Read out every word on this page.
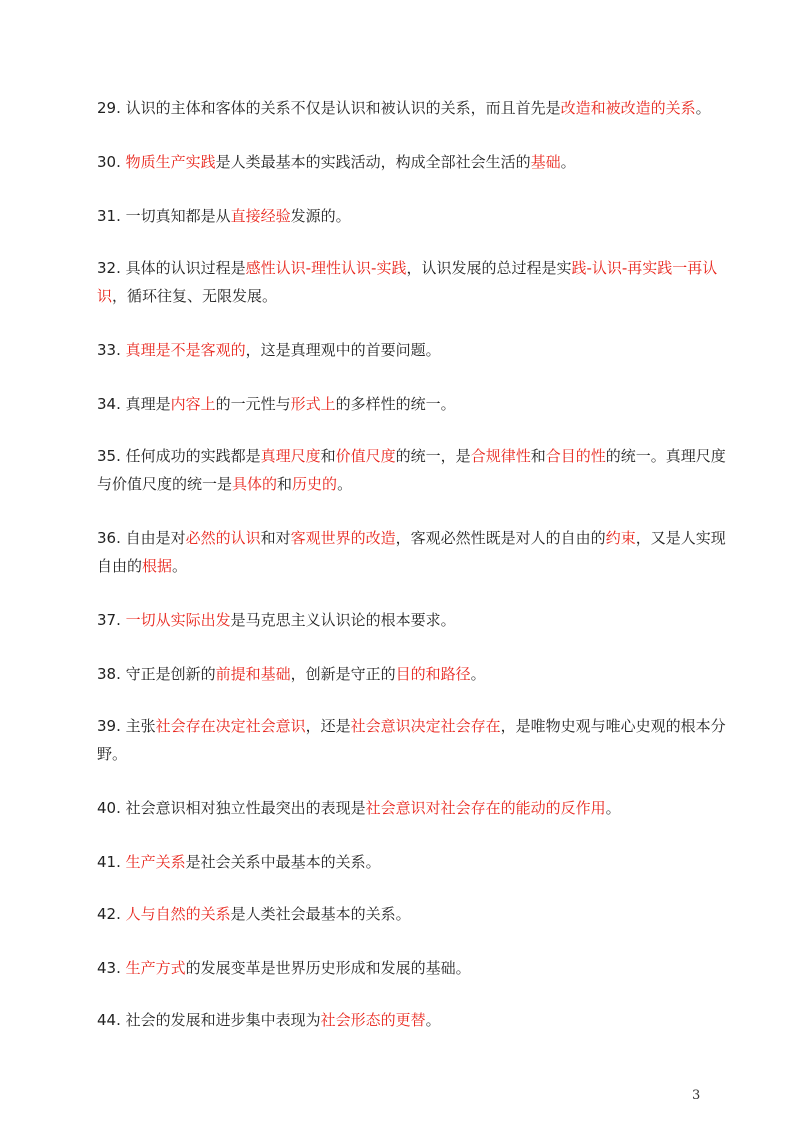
29. 认识的主体和客体的关系不仅是认识和被认识的关系，而且首先是改造和被改造的关系。

30. 物质生产实践是人类最基本的实践活动，构成全部社会生活的基础。

31. 一切真知都是从直接经验发源的。

32. 具体的认识过程是感性认识-理性认识-实践，认识发展的总过程是实践-认识-再实践一再认识，循环往复、无限发展。

33. 真理是不是客观的，这是真理观中的首要问题。

34. 真理是内容上的一元性与形式上的多样性的统一。

35. 任何成功的实践都是真理尺度和价值尺度的统一，是合规律性和合目的性的统一。真理尺度与价值尺度的统一是具体的和历史的。

36. 自由是对必然的认识和对客观世界的改造，客观必然性既是对人的自由的约束，又是人实现自由的根据。

37. 一切从实际出发是马克思主义认识论的根本要求。

38. 守正是创新的前提和基础，创新是守正的目的和路径。

39. 主张社会存在决定社会意识，还是社会意识决定社会存在，是唯物史观与唯心史观的根本分野。

40. 社会意识相对独立性最突出的表现是社会意识对社会存在的能动的反作用。

41. 生产关系是社会关系中最基本的关系。

42. 人与自然的关系是人类社会最基本的关系。

43. 生产方式的发展变革是世界历史形成和发展的基础。

44. 社会的发展和进步集中表现为社会形态的更替。

3
